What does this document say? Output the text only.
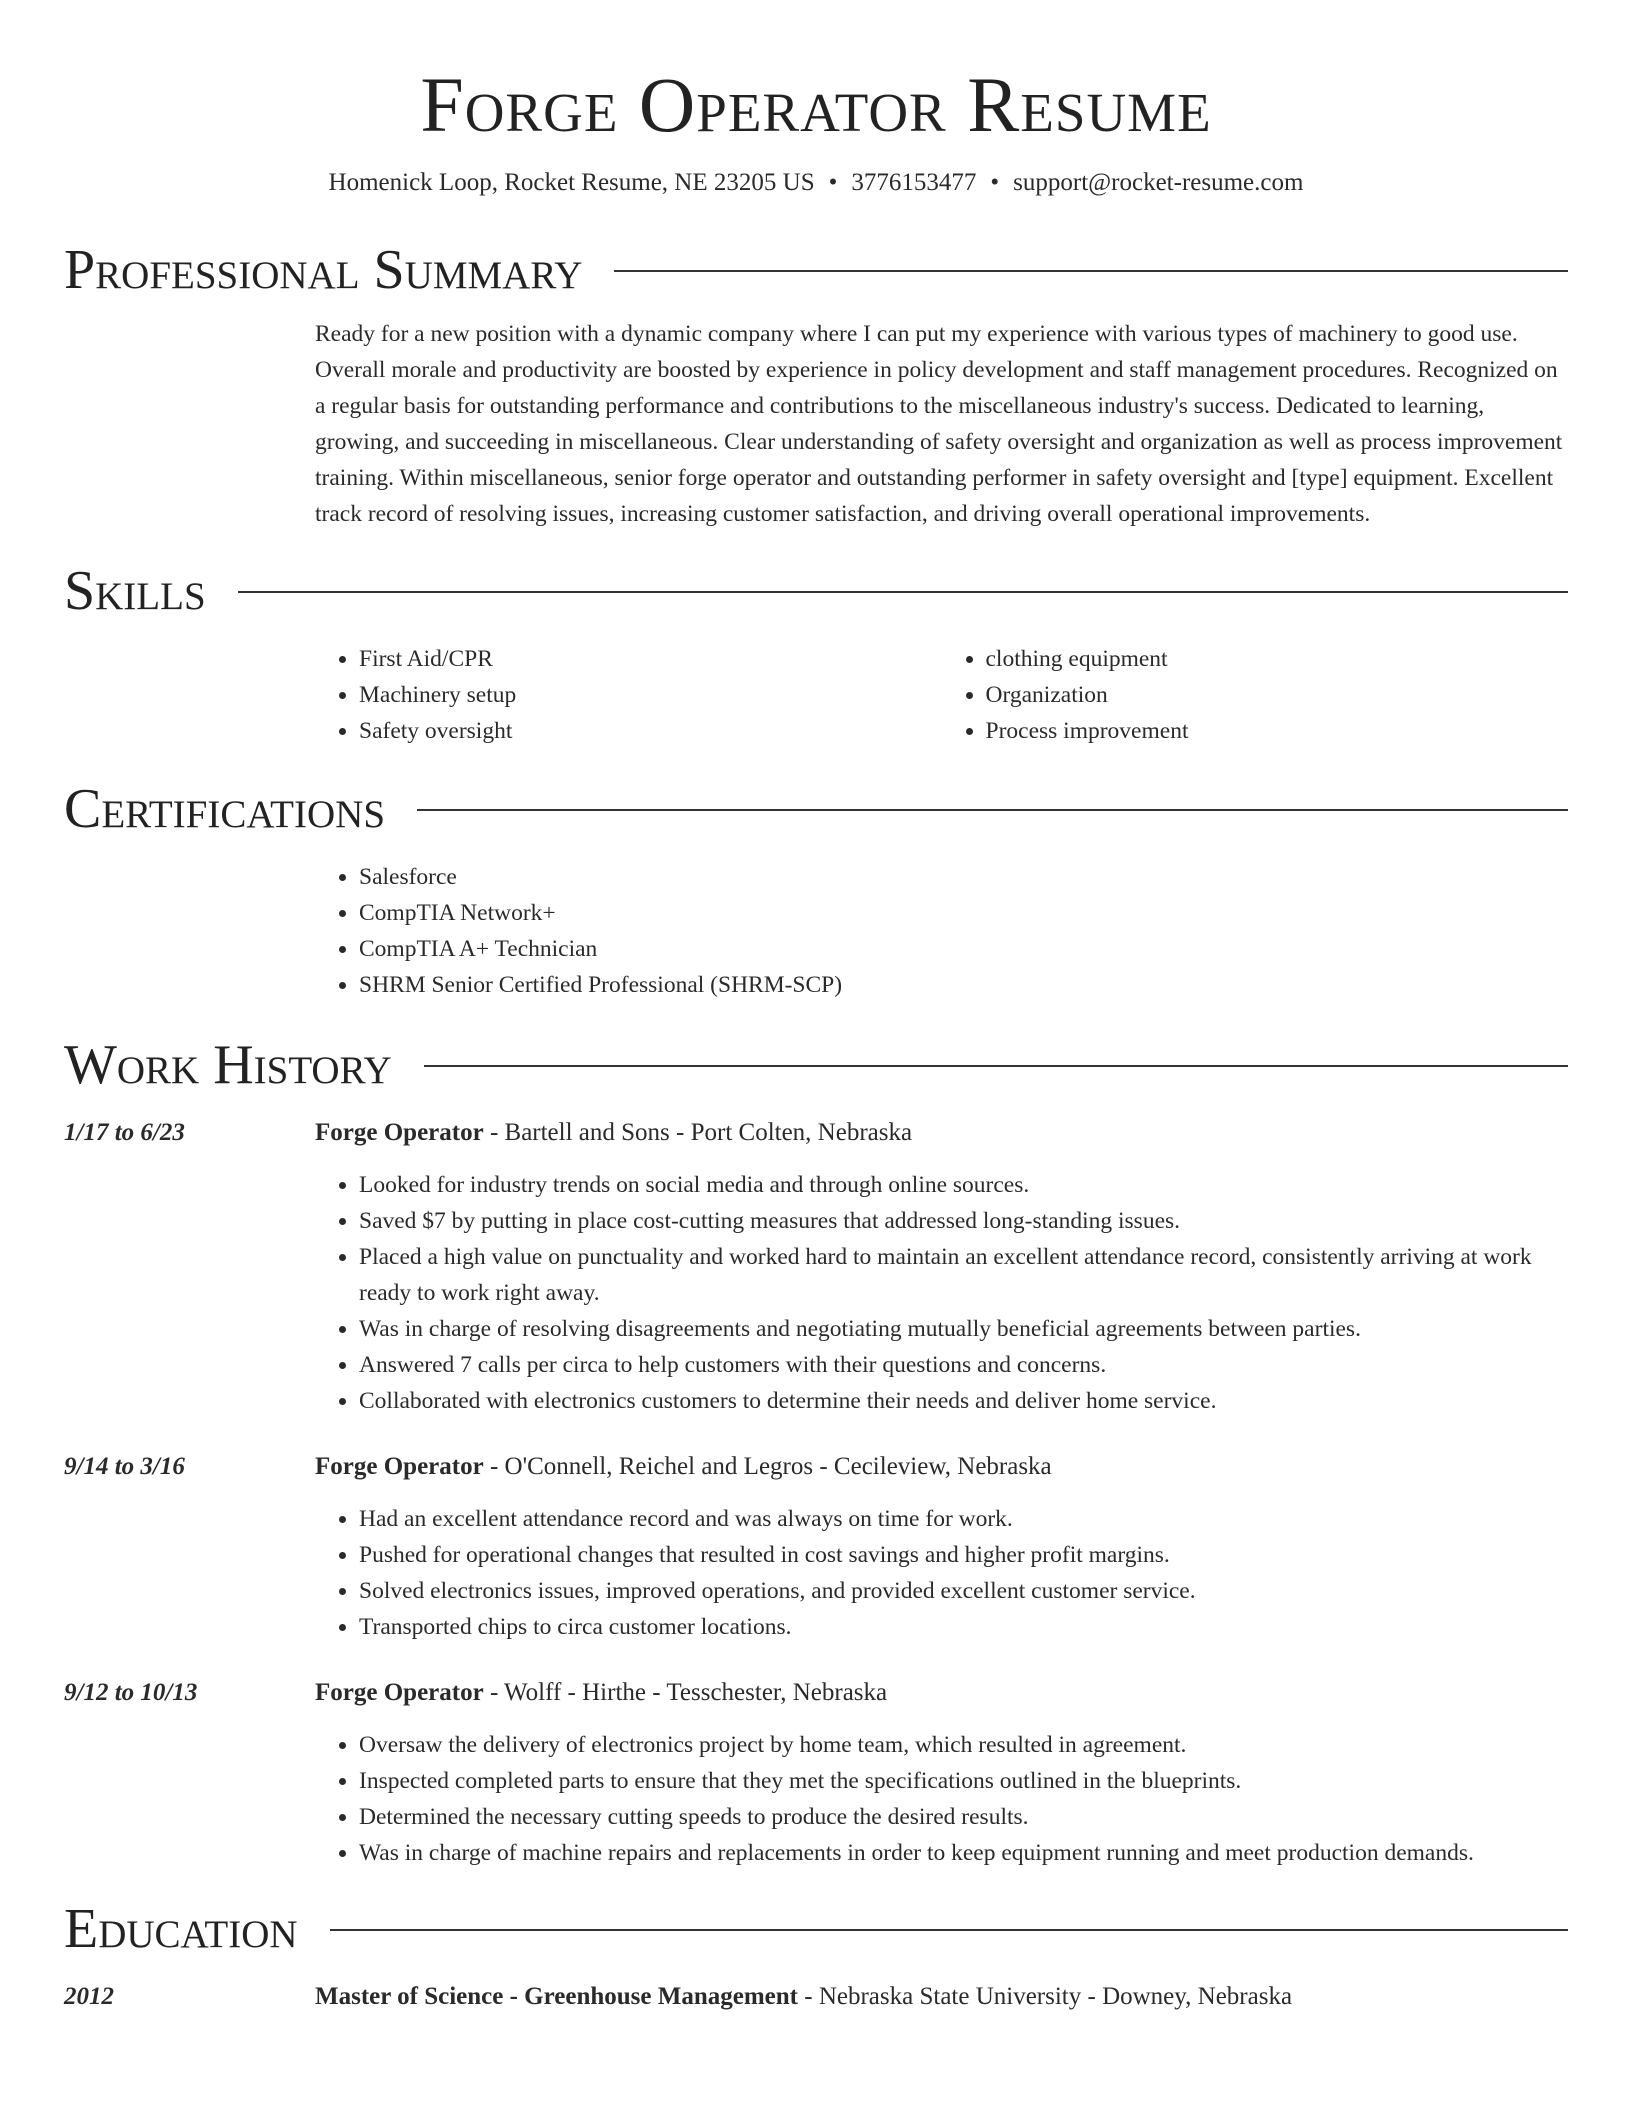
Forge Operator Resume
Homenick Loop, Rocket Resume, NE 23205 US • 3776153477 • support@rocket-resume.com
Professional Summary

Ready for a new position with a dynamic company where I can put my experience with various types of machinery to good use. Overall morale and productivity are boosted by experience in policy development and staff management procedures. Recognized on a regular basis for outstanding performance and contributions to the miscellaneous industry's success. Dedicated to learning, growing, and succeeding in miscellaneous. Clear understanding of safety oversight and organization as well as process improvement training. Within miscellaneous, senior forge operator and outstanding performer in safety oversight and [type] equipment. Excellent track record of resolving issues, increasing customer satisfaction, and driving overall operational improvements.

Skills
• First Aid/CPR
• Machinery setup
• Safety oversight
• clothing equipment
• Organization
• Process improvement
Certifications
• Salesforce
• CompTIA Network+
• CompTIA A+ Technician
• SHRM Senior Certified Professional (SHRM-SCP)
Work History
1/17 to 6/23	Forge Operator - Bartell and Sons - Port Colten, Nebraska
• Looked for industry trends on social media and through online sources.
• Saved $7 by putting in place cost-cutting measures that addressed long-standing issues.
• Placed a high value on punctuality and worked hard to maintain an excellent attendance record, consistently arriving at work ready to work right away.
• Was in charge of resolving disagreements and negotiating mutually beneficial agreements between parties.
• Answered 7 calls per circa to help customers with their questions and concerns.
• Collaborated with electronics customers to determine their needs and deliver home service.
9/14 to 3/16	Forge Operator - O'Connell, Reichel and Legros - Cecileview, Nebraska
• Had an excellent attendance record and was always on time for work.
• Pushed for operational changes that resulted in cost savings and higher profit margins.
• Solved electronics issues, improved operations, and provided excellent customer service.
• Transported chips to circa customer locations.
9/12 to 10/13	Forge Operator - Wolff - Hirthe - Tesschester, Nebraska
• Oversaw the delivery of electronics project by home team, which resulted in agreement.
• Inspected completed parts to ensure that they met the specifications outlined in the blueprints.
• Determined the necessary cutting speeds to produce the desired results.
• Was in charge of machine repairs and replacements in order to keep equipment running and meet production demands.
Education
2012	Master of Science - Greenhouse Management - Nebraska State University - Downey, Nebraska
